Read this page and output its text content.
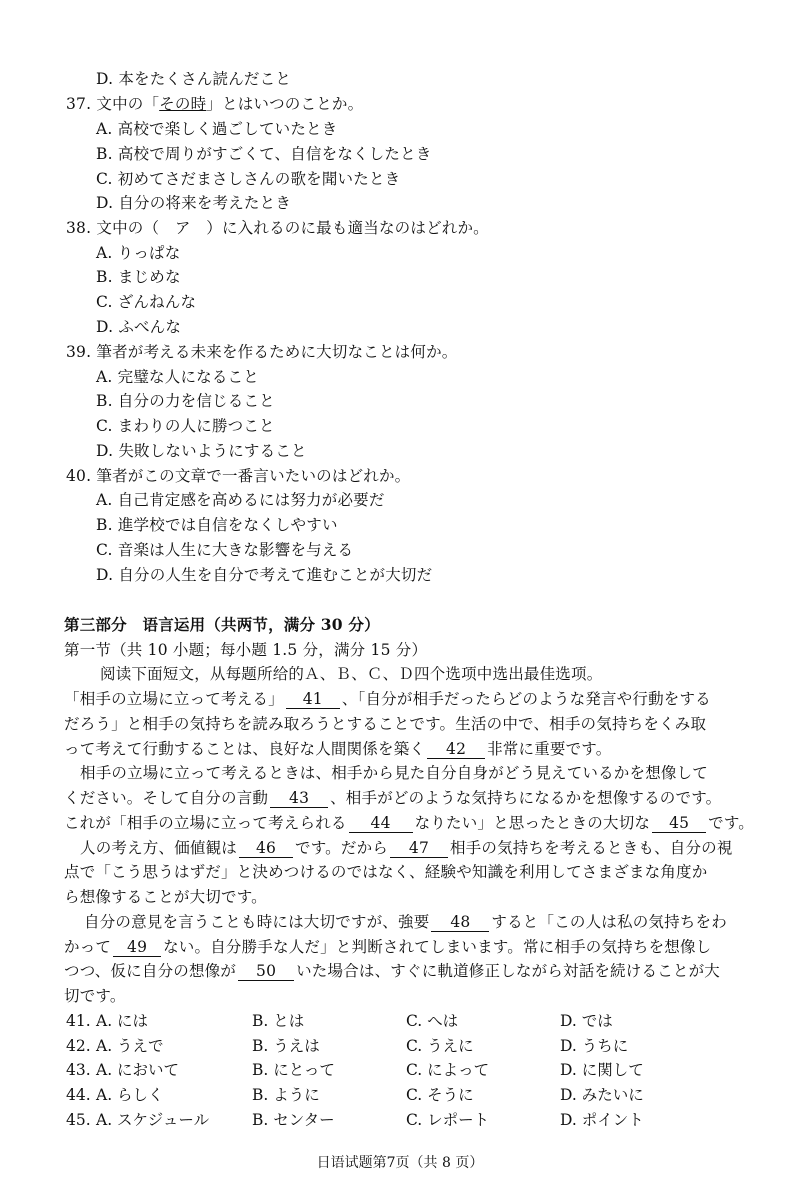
D. 本をたくさん読んだこと
37. 文中の「その時」とはいつのことか。
A. 高校で楽しく過ごしていたとき
B. 高校で周りがすごくて、自信をなくしたとき
C. 初めてさだまさしさんの歌を聞いたとき
D. 自分の将来を考えたとき
38. 文中の（　ア　）に入れるのに最も適当なのはどれか。
A. りっぱな
B. まじめな
C. ざんねんな
D. ふべんな
39. 筆者が考える未来を作るために大切なことは何か。
A. 完璧な人になること
B. 自分の力を信じること
C. まわりの人に勝つこと
D. 失敗しないようにすること
40. 筆者がこの文章で一番言いたいのはどれか。
A. 自己肯定感を高めるには努力が必要だ
B. 進学校では自信をなくしやすい
C. 音楽は人生に大きな影響を与える
D. 自分の人生を自分で考えて進むことが大切だ
第三部分　语言运用（共两节，满分 30 分）
第一节（共 10 小题；每小题 1.5 分，满分 15 分）
阅读下面短文，从每题所给的Ａ、Ｂ、Ｃ、Ｄ四个选项中选出最佳选项。
「相手の立場に立って考える」 41 、「自分が相手だったらどのような発言や行動をする
だろう」と相手の気持ちを読み取ろうとすることです。生活の中で、相手の気持ちをくみ取
って考えて行動することは、良好な人間関係を築く 42 非常に重要です。
相手の立場に立って考えるときは、相手から見た自分自身がどう見えているかを想像して
ください。そして自分の言動 43 、相手がどのような気持ちになるかを想像するのです。
これが「相手の立場に立って考えられる 44 なりたい」と思ったときの大切な 45 です。
人の考え方、価値観は 46 です。だから 47 相手の気持ちを考えるときも、自分の視
点で「こう思うはずだ」と決めつけるのではなく、経験や知識を利用してさまざまな角度か
ら想像することが大切です。
自分の意見を言うことも時には大切ですが、強要 48 すると「この人は私の気持ちをわ
かって 49 ない。自分勝手な人だ」と判断されてしまいます。常に相手の気持ちを想像し
つつ、仮に自分の想像が 50 いた場合は、すぐに軌道修正しながら対話を続けることが大
切です。
41. A. には	B. とは	C. へは	D. では
42. A. うえで	B. うえは	C. うえに	D. うちに
43. A. において	B. にとって	C. によって	D. に関して
44. A. らしく	B. ように	C. そうに	D. みたいに
45. A. スケジュール	B. センター	C. レポート	D. ポイント
日语试题第7页（共 8 页）
